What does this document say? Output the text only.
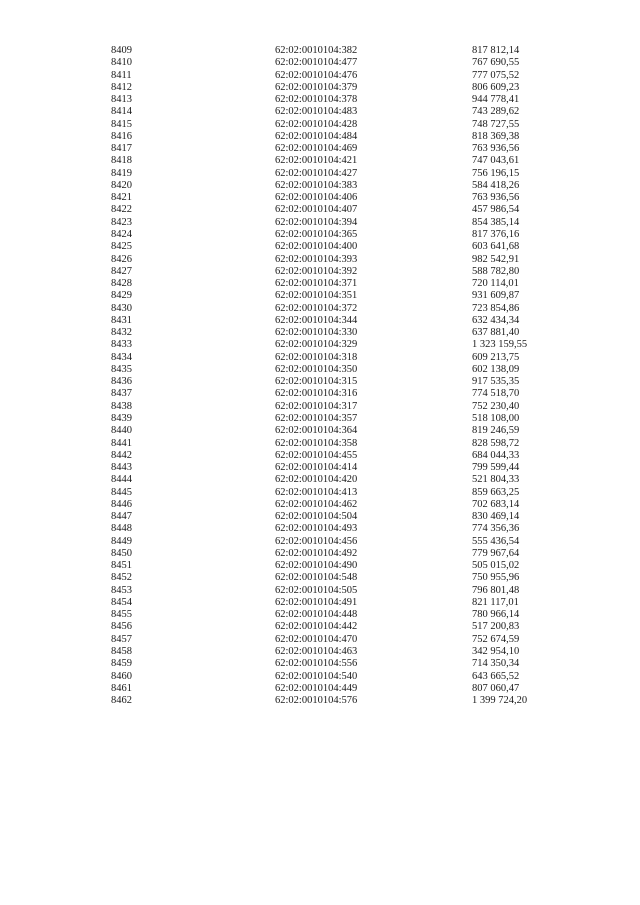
8409	62:02:0010104:382	817 812,14
8410	62:02:0010104:477	767 690,55
8411	62:02:0010104:476	777 075,52
8412	62:02:0010104:379	806 609,23
8413	62:02:0010104:378	944 778,41
8414	62:02:0010104:483	743 289,62
8415	62:02:0010104:428	748 727,55
8416	62:02:0010104:484	818 369,38
8417	62:02:0010104:469	763 936,56
8418	62:02:0010104:421	747 043,61
8419	62:02:0010104:427	756 196,15
8420	62:02:0010104:383	584 418,26
8421	62:02:0010104:406	763 936,56
8422	62:02:0010104:407	457 986,54
8423	62:02:0010104:394	854 385,14
8424	62:02:0010104:365	817 376,16
8425	62:02:0010104:400	603 641,68
8426	62:02:0010104:393	982 542,91
8427	62:02:0010104:392	588 782,80
8428	62:02:0010104:371	720 114,01
8429	62:02:0010104:351	931 609,87
8430	62:02:0010104:372	723 854,86
8431	62:02:0010104:344	632 434,34
8432	62:02:0010104:330	637 881,40
8433	62:02:0010104:329	1 323 159,55
8434	62:02:0010104:318	609 213,75
8435	62:02:0010104:350	602 138,09
8436	62:02:0010104:315	917 535,35
8437	62:02:0010104:316	774 518,70
8438	62:02:0010104:317	752 230,40
8439	62:02:0010104:357	518 108,00
8440	62:02:0010104:364	819 246,59
8441	62:02:0010104:358	828 598,72
8442	62:02:0010104:455	684 044,33
8443	62:02:0010104:414	799 599,44
8444	62:02:0010104:420	521 804,33
8445	62:02:0010104:413	859 663,25
8446	62:02:0010104:462	702 683,14
8447	62:02:0010104:504	830 469,14
8448	62:02:0010104:493	774 356,36
8449	62:02:0010104:456	555 436,54
8450	62:02:0010104:492	779 967,64
8451	62:02:0010104:490	505 015,02
8452	62:02:0010104:548	750 955,96
8453	62:02:0010104:505	796 801,48
8454	62:02:0010104:491	821 117,01
8455	62:02:0010104:448	780 966,14
8456	62:02:0010104:442	517 200,83
8457	62:02:0010104:470	752 674,59
8458	62:02:0010104:463	342 954,10
8459	62:02:0010104:556	714 350,34
8460	62:02:0010104:540	643 665,52
8461	62:02:0010104:449	807 060,47
8462	62:02:0010104:576	1 399 724,20
